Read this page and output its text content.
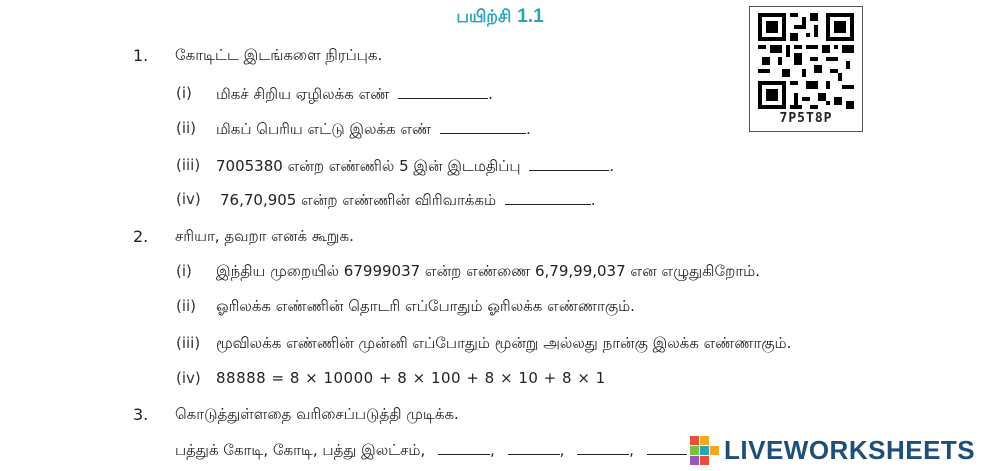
பயிற்சி 1.1
7P5T8P
1. கோடிட்ட இடங்களை நிரப்புக.
(i) மிகச் சிறிய ஏழிலக்க எண்	.
(ii) மிகப் பெரிய எட்டு இலக்க எண்	.
(iii) 7005380 என்ற எண்ணில் 5 இன் இடமதிப்பு	.
(iv) 76,70,905 என்ற எண்ணின் விரிவாக்கம்	.
2. சரியா, தவறா எனக் கூறுக.
(i) இந்திய முறையில் 67999037 என்ற எண்ணை 6,79,99,037 என எழுதுகிறோம்.
(ii) ஓரிலக்க எண்ணின் தொடரி எப்போதும் ஓரிலக்க எண்ணாகும்.
(iii) மூவிலக்க எண்ணின் முன்னி எப்போதும் மூன்று அல்லது நான்கு இலக்க எண்ணாகும்.
(iv) 88888 = 8 × 10000 + 8 × 100 + 8 × 10 + 8 × 1
3. கொடுத்துள்ளதை வரிசைப்படுத்தி முடிக்க.
பத்துக் கோடி, கோடி, பத்து இலட்சம்,	,	,	,	LIVEWORKSHEETS
